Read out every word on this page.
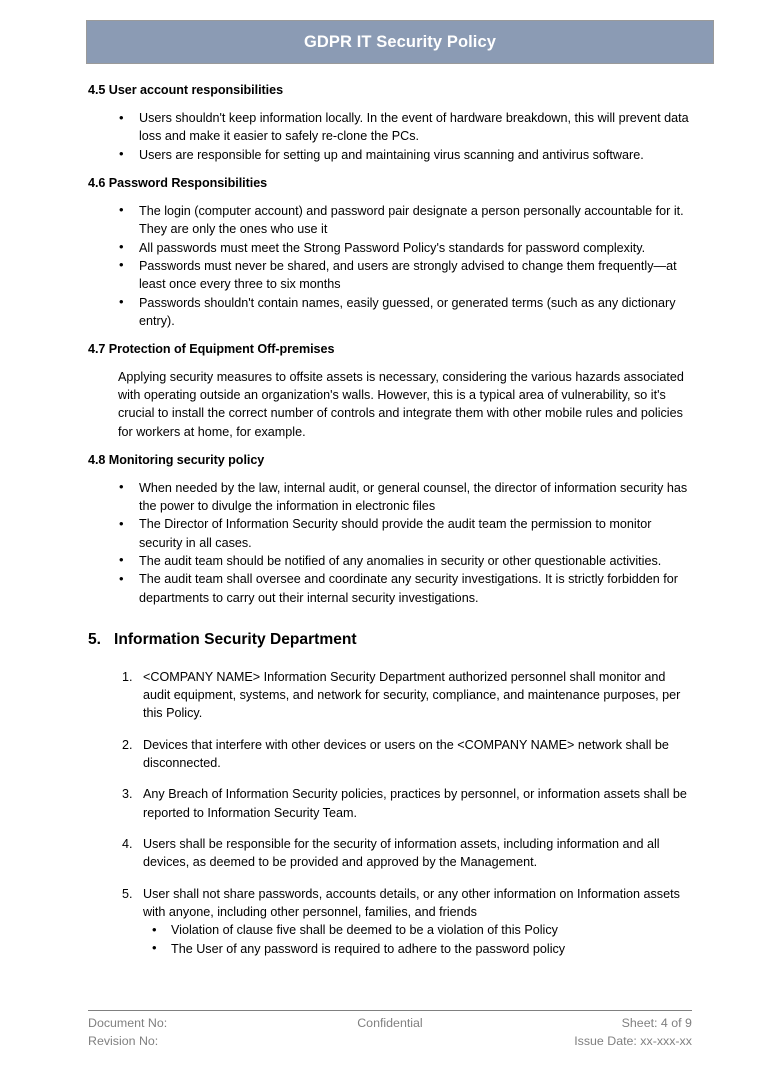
GDPR IT Security Policy
4.5 User account responsibilities
• Users shouldn't keep information locally. In the event of hardware breakdown, this will prevent data loss and make it easier to safely re-clone the PCs.
• Users are responsible for setting up and maintaining virus scanning and antivirus software.
4.6 Password Responsibilities
• The login (computer account) and password pair designate a person personally accountable for it. They are only the ones who use it
• All passwords must meet the Strong Password Policy's standards for password complexity.
• Passwords must never be shared, and users are strongly advised to change them frequently—at least once every three to six months
• Passwords shouldn't contain names, easily guessed, or generated terms (such as any dictionary entry).
4.7 Protection of Equipment Off-premises

Applying security measures to offsite assets is necessary, considering the various hazards associated with operating outside an organization's walls. However, this is a typical area of vulnerability, so it's crucial to install the correct number of controls and integrate them with other mobile rules and policies for workers at home, for example.

4.8 Monitoring security policy
• When needed by the law, internal audit, or general counsel, the director of information security has the power to divulge the information in electronic files
• The Director of Information Security should provide the audit team the permission to monitor security in all cases.
• The audit team should be notified of any anomalies in security or other questionable activities.
• The audit team shall oversee and coordinate any security investigations. It is strictly forbidden for departments to carry out their internal security investigations.
5. Information Security Department
<COMPANY NAME> Information Security Department authorized personnel shall monitor and audit equipment, systems, and network for security, compliance, and maintenance purposes, per this Policy.
Devices that interfere with other devices or users on the <COMPANY NAME> network shall be disconnected.
Any Breach of Information Security policies, practices by personnel, or information assets shall be reported to Information Security Team.
Users shall be responsible for the security of information assets, including information and all devices, as deemed to be provided and approved by the Management.
User shall not share passwords, accounts details, or any other information on Information assets with anyone, including other personnel, families, and friends
• Violation of clause five shall be deemed to be a violation of this Policy
• The User of any password is required to adhere to the password policy
Document No:	Confidential	Sheet: 4 of 9
Revision No:	Issue Date: xx-xxx-xx
